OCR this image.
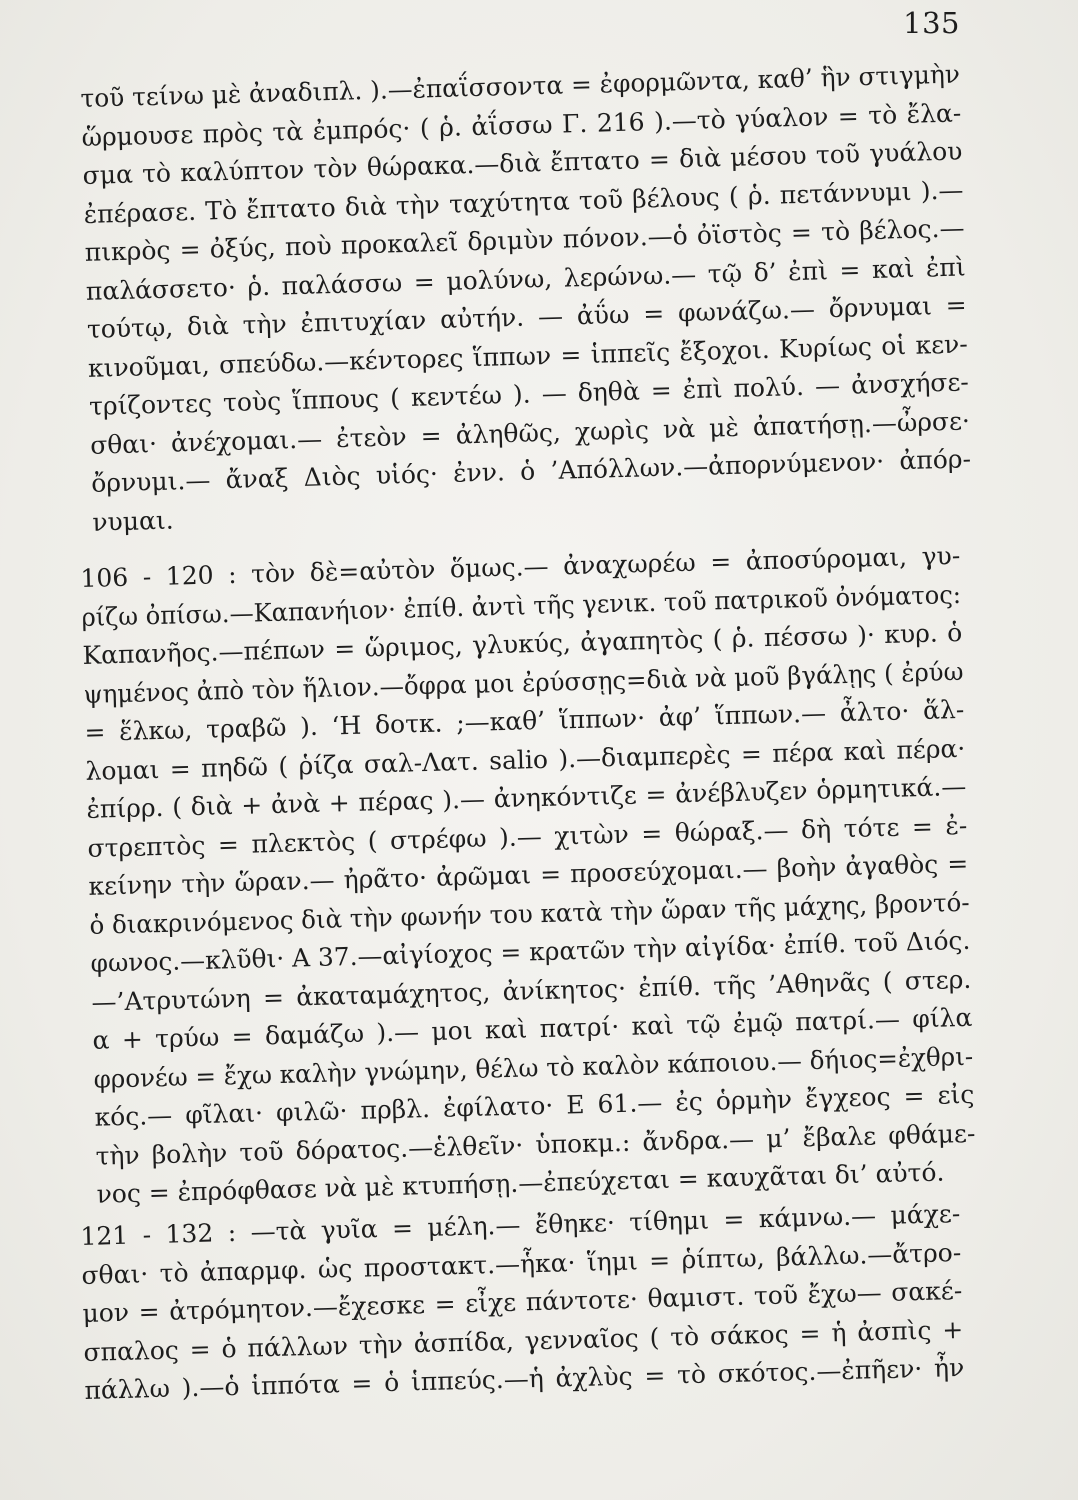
135
τοῦ τείνω μὲ ἀναδιπλ. ).—ἐπαΐσσοντα = ἐφορμῶντα, καθ’ ἣν στιγμὴν
ὥρμουσε πρὸς τὰ ἐμπρός· ( ῥ. ἀΐσσω Γ. 216 ).—τὸ γύαλον = τὸ ἔλα-
σμα τὸ καλύπτον τὸν θώρακα.—διὰ ἔπτατο = διὰ μέσου τοῦ γυάλου
ἐπέρασε. Τὸ ἔπτατο διὰ τὴν ταχύτητα τοῦ βέλους ( ῥ. πετάννυμι ).—
πικρὸς = ὀξύς, ποὺ προκαλεῖ δριμὺν πόνον.—ὁ ὀϊστὸς = τὸ βέλος.—
παλάσσετο· ῥ. παλάσσω = μολύνω, λερώνω.— τῷ δ’ ἐπὶ = καὶ ἐπὶ
τούτῳ, διὰ τὴν ἐπιτυχίαν αὐτήν. — ἀΰω = φωνάζω.— ὄρνυμαι =
κινοῦμαι, σπεύδω.—κέντορες ἵππων = ἱππεῖς ἔξοχοι. Κυρίως οἱ κεν-
τρίζοντες τοὺς ἵππους ( κεντέω ). — δηθὰ = ἐπὶ πολύ. — ἀνσχήσε-
σθαι· ἀνέχομαι.— ἐτεὸν = ἀληθῶς, χωρὶς νὰ μὲ ἀπατήσῃ.—ὦρσε·
ὄρνυμι.— ἄναξ Διὸς υἱός· ἐνν. ὁ ’Απόλλων.—ἀπορνύμενον· ἀπόρ-
νυμαι.
106 - 120 : τὸν δὲ=αὐτὸν ὅμως.— ἀναχωρέω = ἀποσύρομαι, γυ-
ρίζω ὀπίσω.—Καπανήιον· ἐπίθ. ἀντὶ τῆς γενικ. τοῦ πατρικοῦ ὀνόματος:
Καπανῆος.—πέπων = ὥριμος, γλυκύς, ἀγαπητὸς ( ῥ. πέσσω )· κυρ. ὁ
ψημένος ἀπὸ τὸν ἥλιον.—ὄφρα μοι ἐρύσσῃς=διὰ νὰ μοῦ βγάλῃς ( ἐρύω
= ἕλκω, τραβῶ ). ‘Η δοτκ. ;—καθ’ ἵππων· ἀφ’ ἵππων.— ἆλτο· ἅλ-
λομαι = πηδῶ ( ῥίζα σαλ-Λατ. salio ).—διαμπερὲς = πέρα καὶ πέρα·
ἐπίρρ. ( διὰ + ἀνὰ + πέρας ).— ἀνηκόντιζε = ἀνέβλυζεν ὁρμητικά.—
στρεπτὸς = πλεκτὸς ( στρέφω ).— χιτὼν = θώραξ.— δὴ τότε = ἐ-
κείνην τὴν ὥραν.— ἠρᾶτο· ἀρῶμαι = προσεύχομαι.— βοὴν ἀγαθὸς =
ὁ διακρινόμενος διὰ τὴν φωνήν του κατὰ τὴν ὥραν τῆς μάχης, βροντό-
φωνος.—κλῦθι· Α 37.—αἰγίοχος = κρατῶν τὴν αἰγίδα· ἐπίθ. τοῦ Διός.
—’Ατρυτώνη = ἀκαταμάχητος, ἀνίκητος· ἐπίθ. τῆς ’Αθηνᾶς ( στερ.
α + τρύω = δαμάζω ).— μοι καὶ πατρί· καὶ τῷ ἐμῷ πατρί.— φίλα
φρονέω = ἔχω καλὴν γνώμην, θέλω τὸ καλὸν κάποιου.— δήιος=ἐχθρι-
κός.— φῖλαι· φιλῶ· πρβλ. ἐφίλατο· Ε 61.— ἐς ὁρμὴν ἔγχεος = εἰς
τὴν βολὴν τοῦ δόρατος.—ἑλθεῖν· ὑποκμ.: ἄνδρα.— μ’ ἔβαλε φθάμε-
νος = ἐπρόφθασε νὰ μὲ κτυπήσῃ.—ἐπεύχεται = καυχᾶται δι’ αὐτό.
121 - 132 : —τὰ γυῖα = μέλη.— ἔθηκε· τίθημι = κάμνω.— μάχε-
σθαι· τὸ ἀπαρμφ. ὡς προστακτ.—ἧκα· ἵημι = ῥίπτω, βάλλω.—ἄτρο-
μον = ἀτρόμητον.—ἔχεσκε = εἶχε πάντοτε· θαμιστ. τοῦ ἔχω— σακέ-
σπαλος = ὁ πάλλων τὴν ἀσπίδα, γενναῖος ( τὸ σάκος = ἡ ἀσπὶς +
πάλλω ).—ὁ ἱππότα = ὁ ἱππεύς.—ἡ ἀχλὺς = τὸ σκότος.—ἐπῆεν· ἦν
